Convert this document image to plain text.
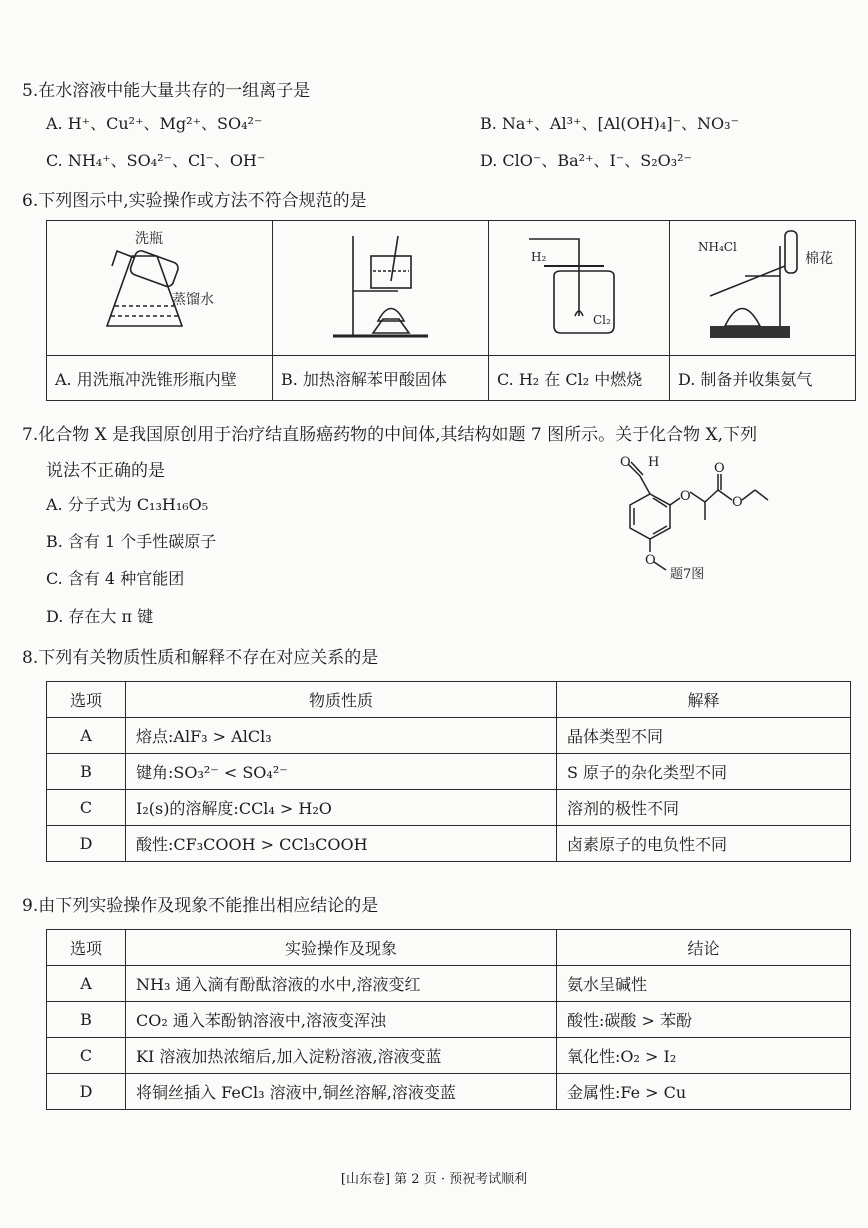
5.在水溶液中能大量共存的一组离子是
A. H⁺、Cu²⁺、Mg²⁺、SO₄²⁻	B. Na⁺、Al³⁺、[Al(OH)₄]⁻、NO₃⁻
C. NH₄⁺、SO₄²⁻、Cl⁻、OH⁻	D. ClO⁻、Ba²⁺、I⁻、S₂O₃²⁻
6.下列图示中,实验操作或方法不符合规范的是
洗瓶
蒸馏水		H₂
Cl₂	NH₄Cl
棉花

A. 用洗瓶冲洗锥形瓶内壁	B. 加热溶解苯甲酸固体	C. H₂ 在 Cl₂ 中燃烧	D. 制备并收集氨气
7.化合物 X 是我国原创用于治疗结直肠癌药物的中间体,其结构如题 7 图所示。关于化合物 X,下列
说法不正确的是
A. 分子式为 C₁₃H₁₆O₅
B. 含有 1 个手性碳原子
C. 含有 4 种官能团
D. 存在大 π 键
O H
O
O
O
O
题7图
8.下列有关物质性质和解释不存在对应关系的是
选项	物质性质	解释
A	熔点:AlF₃ > AlCl₃	晶体类型不同
B	键角:SO₃²⁻ < SO₄²⁻	S 原子的杂化类型不同
C	I₂(s)的溶解度:CCl₄ > H₂O	溶剂的极性不同
D	酸性:CF₃COOH > CCl₃COOH	卤素原子的电负性不同
9.由下列实验操作及现象不能推出相应结论的是
选项	实验操作及现象	结论
A	NH₃ 通入滴有酚酞溶液的水中,溶液变红	氨水呈碱性
B	CO₂ 通入苯酚钠溶液中,溶液变浑浊	酸性:碳酸 > 苯酚
C	KI 溶液加热浓缩后,加入淀粉溶液,溶液变蓝	氧化性:O₂ > I₂
D	将铜丝插入 FeCl₃ 溶液中,铜丝溶解,溶液变蓝	金属性:Fe > Cu
[山东卷] 第 2 页 · 预祝考试顺利
